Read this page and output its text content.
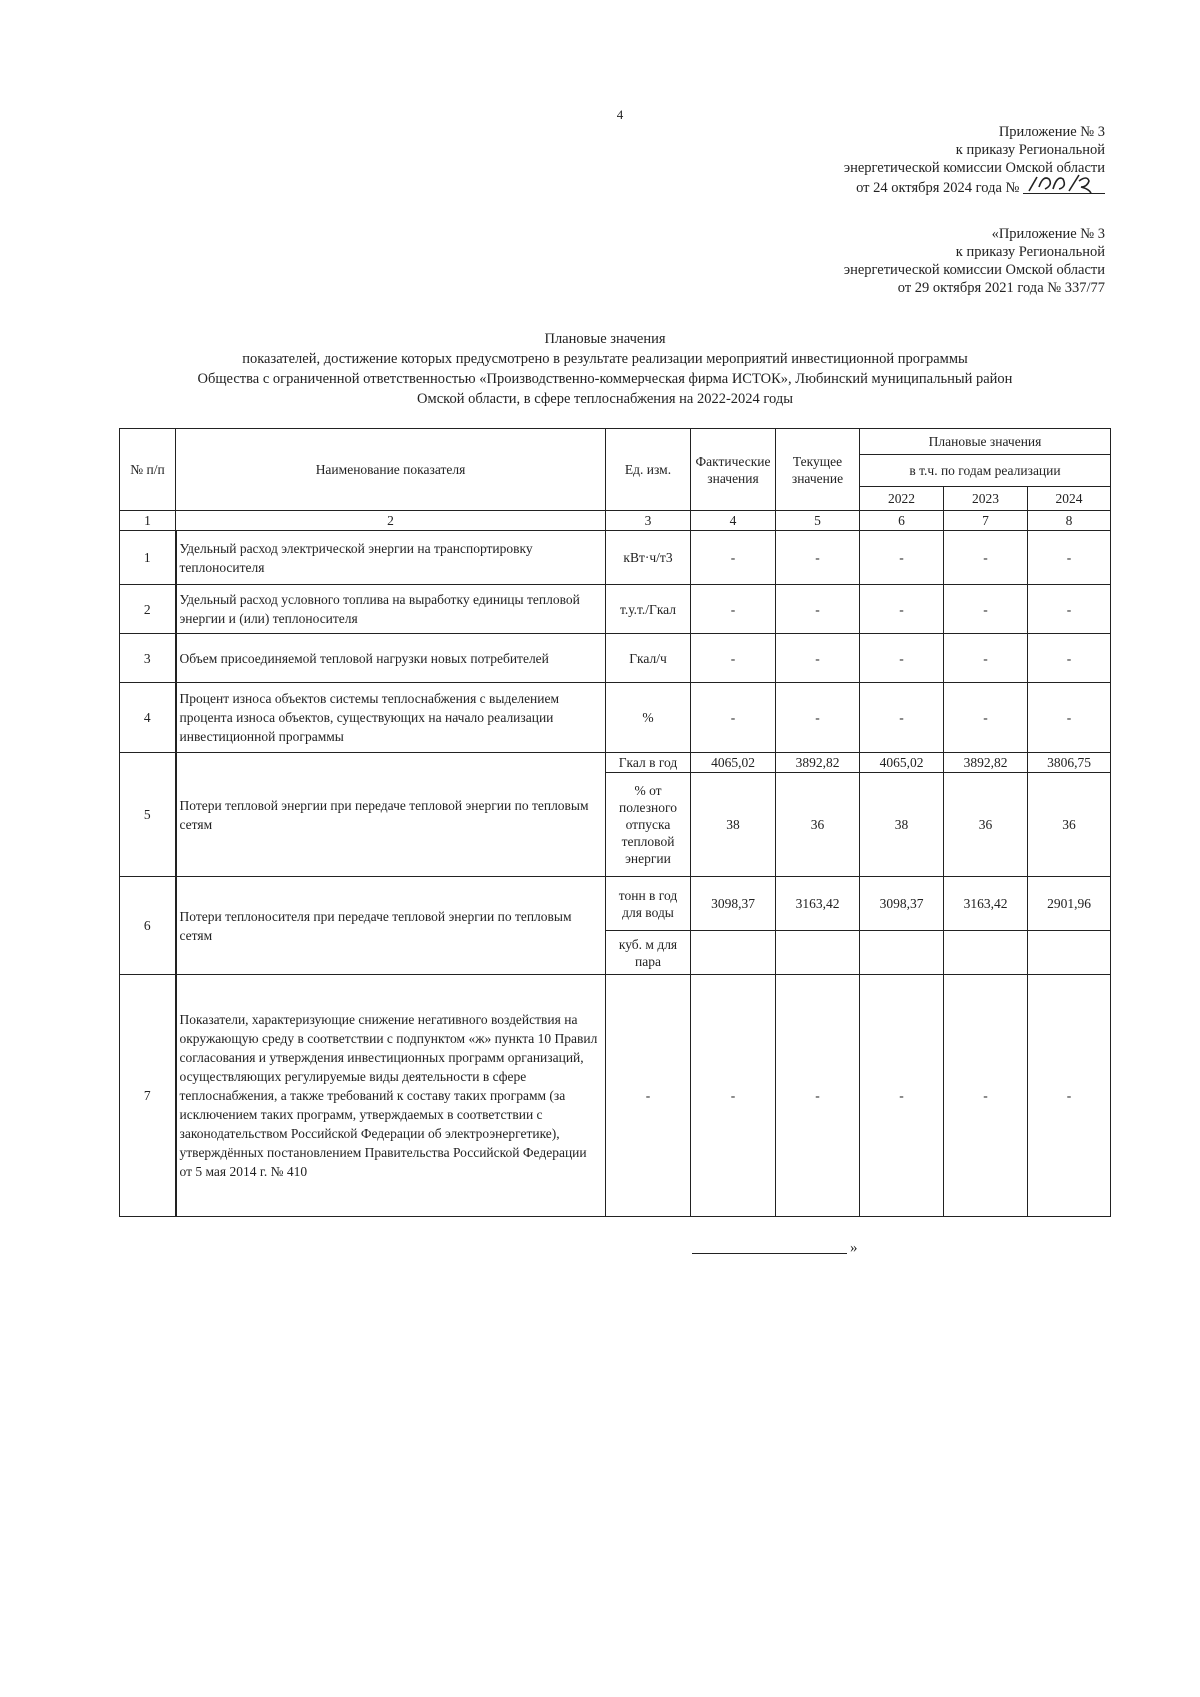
4
Приложение № 3
к приказу Региональной
энергетической комиссии Омской области
от 24 октября 2024 года №
«Приложение № 3
к приказу Региональной
энергетической комиссии Омской области
от 29 октября 2021 года № 337/77
Плановые значения
показателей, достижение которых предусмотрено в результате реализации мероприятий инвестиционной программы
Общества с ограниченной ответственностью «Производственно-коммерческая фирма ИСТОК», Любинский муниципальный район
Омской области, в сфере теплоснабжения на 2022-2024 годы
№ п/п	Наименование показателя	Ед. изм.	Фактические значения	Текущее значение	Плановые значения		
					в т.ч. по годам реализации		
					2022	2023	2024
1	2	3	4	5	6	7	8
1	Удельный расход электрической энергии на транспортировку теплоносителя	кВт·ч/т3	-	-	-	-	-
2	Удельный расход условного топлива на выработку единицы тепловой энергии и (или) теплоносителя	т.у.т./Гкал	-	-	-	-	-
3	Объем присоединяемой тепловой нагрузки новых потребителей	Гкал/ч	-	-	-	-	-
4	Процент износа объектов системы теплоснабжения с выделением процента износа объектов, существующих на начало реализации инвестиционной программы	%	-	-	-	-	-
5	Потери тепловой энергии при передаче тепловой энергии по тепловым сетям	Гкал в год	4065,02	3892,82	4065,02	3892,82	3806,75
		% от полезного отпуска тепловой энергии	38	36	38	36	36
6	Потери теплоносителя при передаче тепловой энергии по тепловым сетям	тонн в год для воды	3098,37	3163,42	3098,37	3163,42	2901,96
		куб. м для пара					
7	Показатели, характеризующие снижение негативного воздействия на окружающую среду в соответствии с подпунктом «ж» пункта 10 Правил согласования и утверждения инвестиционных программ организаций, осуществляющих регулируемые виды деятельности в сфере теплоснабжения, а также требований к составу таких программ (за исключением таких программ, утверждаемых в соответствии с законодательством Российской Федерации об электроэнергетике), утверждённых постановлением Правительства Российской Федерации от 5 мая 2014 г. № 410	-	-	-	-	-	-
»
